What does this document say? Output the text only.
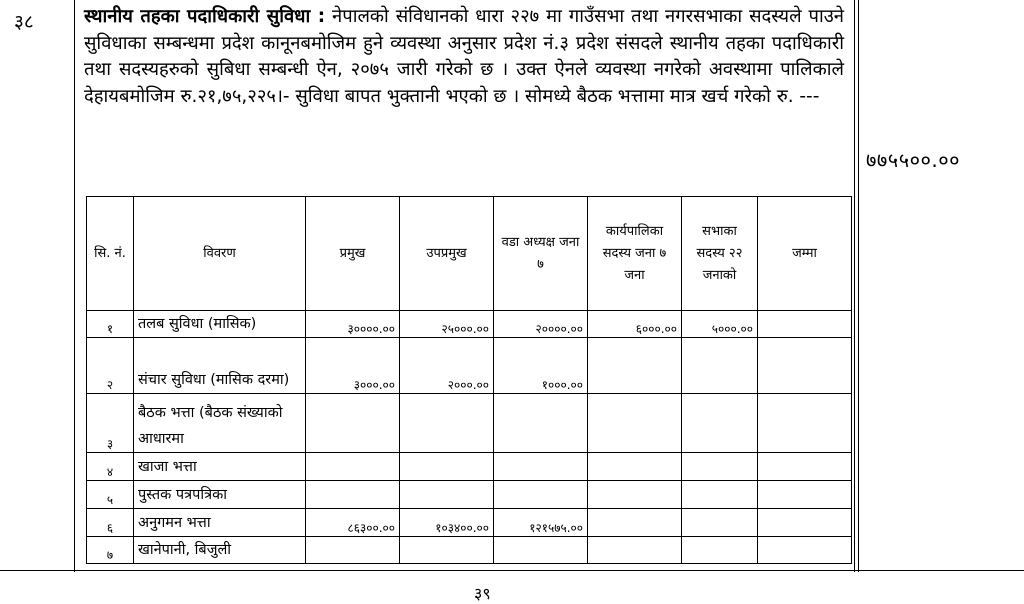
३८	स्थानीय तहका पदाधिकारी सुविधा : नेपालको संविधानको धारा २२७ मा गाउँसभा तथा नगरसभाका सदस्यले पाउने सुविधाका सम्बन्धमा प्रदेश कानूनबमोजिम हुने व्यवस्था अनुसार प्रदेश नं.३ प्रदेश संसदले स्थानीय तहका पदाधिकारी तथा सदस्यहरुको सुबिधा सम्बन्धी ऐन, २०७५ जारी गरेको छ । उक्त ऐनले व्यवस्था नगरेको अवस्थामा पालिकाले देहायबमोजिम रु.२१,७५,२२५।- सुविधा बापत भुक्तानी भएको छ । सोमध्ये बैठक भत्तामा मात्र खर्च गरेको रु. ---
७७५५००.००
सि. नं.	विवरण	प्रमुख	उपप्रमुख	वडा अध्यक्ष जना ७	कार्यपालिका सदस्य जना ७ जना	सभाका सदस्य २२ जनाको	जम्मा
१	तलब सुविधा (मासिक)	३००००.००	२५०००.००	२००००.००	६०००.००	५०००.००	
२	संचार सुविधा (मासिक दरमा)	३०००.००	२०००.००	१०००.००			
३	बैठक भत्ता (बैठक संख्याको आधारमा						
४	खाजा भत्ता						
५	पुस्तक पत्रपत्रिका						
६	अनुगमन भत्ता	८६३००.००	१०३४००.००	१२१५७५.००			
७	खानेपानी, बिजुली						
३९
